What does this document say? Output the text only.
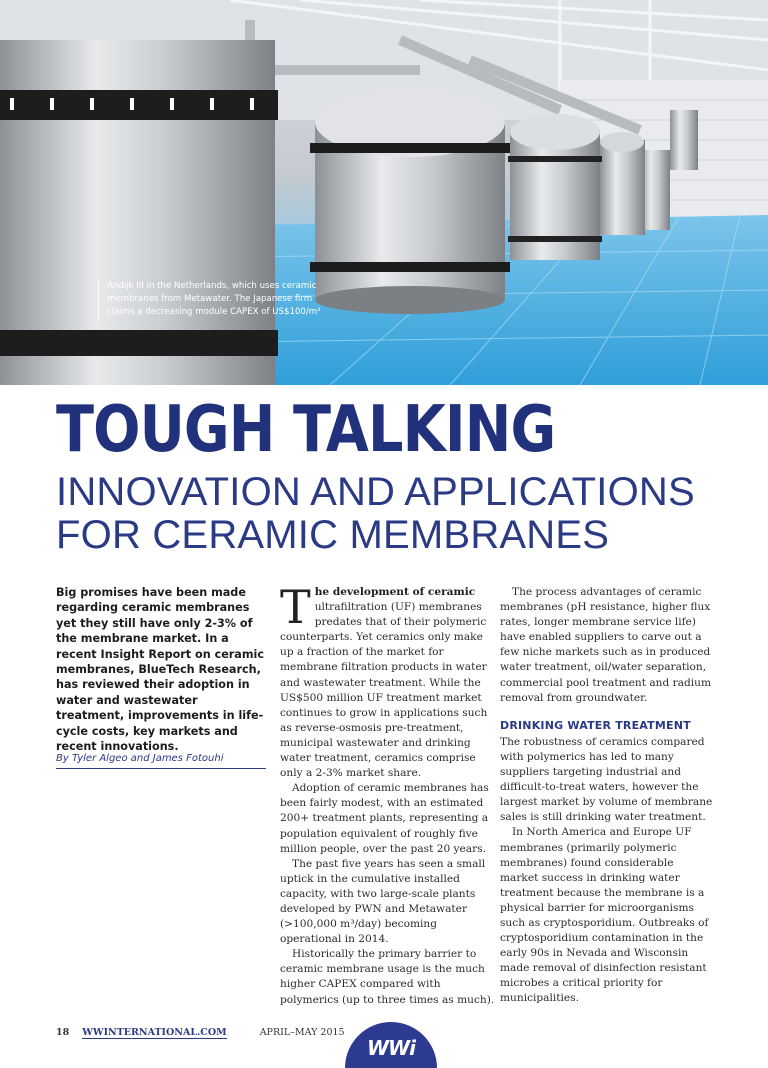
Andijk III in the Netherlands, which uses ceramic membranes from Metawater. The Japanese firm claims a decreasing module CAPEX of US$100/m²
TOUGH TALKING
INNOVATION AND APPLICATIONS
FOR CERAMIC MEMBRANES
Big promises have been made regarding ceramic membranes yet they still have only 2-3% of the membrane market. In a recent Insight Report on ceramic membranes, BlueTech Research, has reviewed their adoption in water and wastewater treatment, improvements in life-cycle costs, key markets and recent innovations.
By Tyler Algeo and James Fotouhi

The development of ceramic ultrafiltration (UF) membranes predates that of their polymeric counterparts. Yet ceramics only make up a fraction of the market for membrane filtration products in water and wastewater treatment. While the US$500 million UF treatment market continues to grow in applications such as reverse-osmosis pre-treatment, municipal wastewater and drinking water treatment, ceramics comprise only a 2-3% market share.

Adoption of ceramic membranes has been fairly modest, with an estimated 200+ treatment plants, representing a population equivalent of roughly five million people, over the past 20 years.

The past five years has seen a small uptick in the cumulative installed capacity, with two large-scale plants developed by PWN and Metawater (>100,000 m³/day) becoming operational in 2014.

Historically the primary barrier to ceramic membrane usage is the much higher CAPEX compared with polymerics (up to three times as much).

The process advantages of ceramic membranes (pH resistance, higher flux rates, longer membrane service life) have enabled suppliers to carve out a few niche markets such as in produced water treatment, oil/water separation, commercial pool treatment and radium removal from groundwater.

DRINKING WATER TREATMENT

The robustness of ceramics compared with polymerics has led to many suppliers targeting industrial and difficult-to-treat waters, however the largest market by volume of membrane sales is still drinking water treatment.

In North America and Europe UF membranes (primarily polymeric membranes) found considerable market success in drinking water treatment because the membrane is a physical barrier for microorganisms such as cryptosporidium. Outbreaks of cryptosporidium contamination in the early 90s in Nevada and Wisconsin made removal of disinfection resistant microbes a critical priority for municipalities.

18 WWINTERNATIONAL.COM	APRIL–MAY 2015
WWi
